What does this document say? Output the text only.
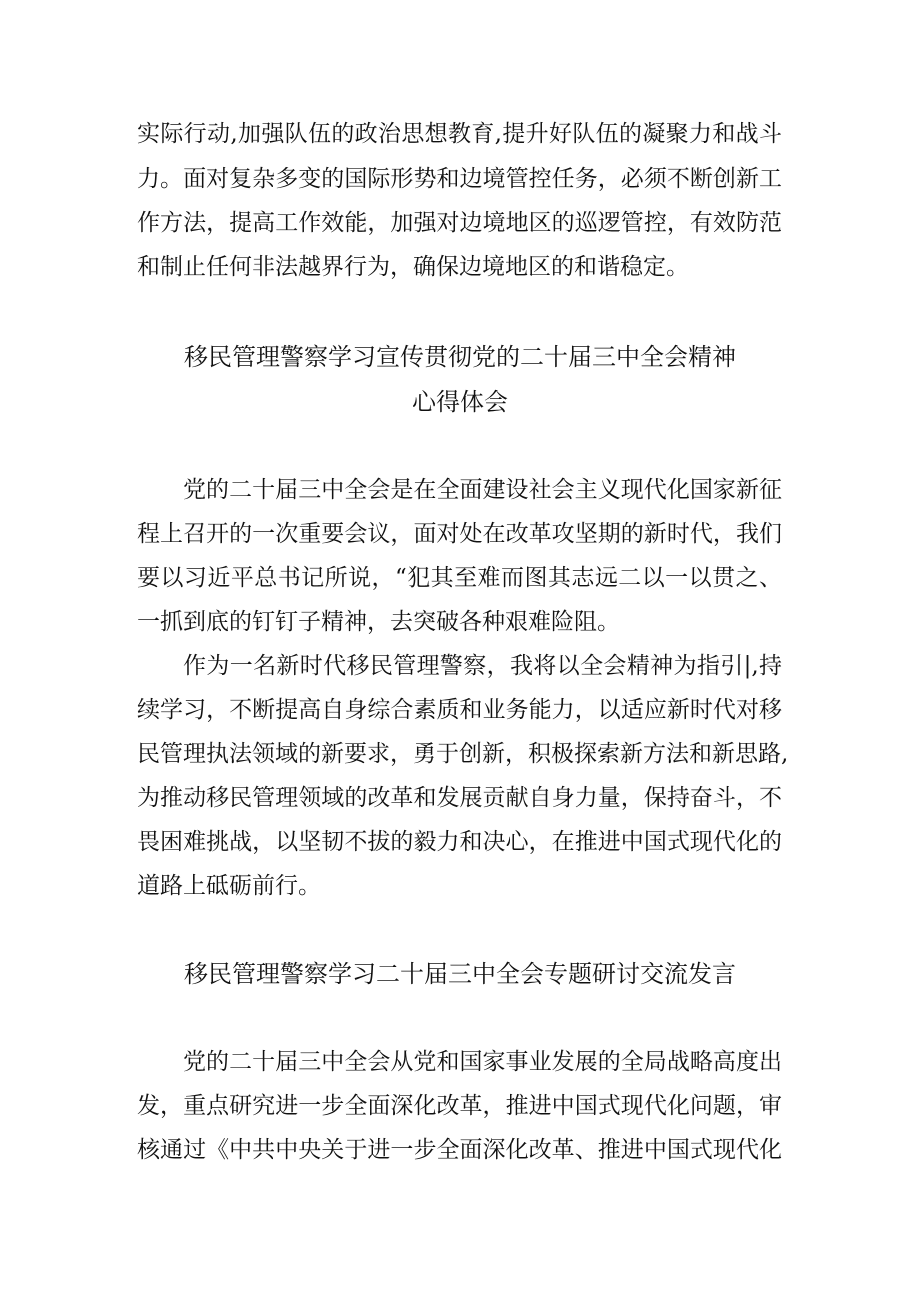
实际行动,加强队伍的政治思想教育,提升好队伍的凝聚力和战斗
力。面对复杂多变的国际形势和边境管控任务，必须不断创新工
作方法，提高工作效能，加强对边境地区的巡逻管控，有效防范
和制止任何非法越界行为，确保边境地区的和谐稳定。
移民管理警察学习宣传贯彻党的二十届三中全会精神
心得体会
党的二十届三中全会是在全面建设社会主义现代化国家新征
程上召开的一次重要会议，面对处在改革攻坚期的新时代，我们
要以习近平总书记所说，“犯其至难而图其志远二以一以贯之、
一抓到底的钉钉子精神，去突破各种艰难险阻。
作为一名新时代移民管理警察，我将以全会精神为指引|,持
续学习，不断提高自身综合素质和业务能力，以适应新时代对移
民管理执法领域的新要求，勇于创新，积极探索新方法和新思路,
为推动移民管理领域的改革和发展贡献自身力量，保持奋斗，不
畏困难挑战，以坚韧不拔的毅力和决心，在推进中国式现代化的
道路上砥砺前行。
移民管理警察学习二十届三中全会专题研讨交流发言
党的二十届三中全会从党和国家事业发展的全局战略高度出
发，重点研究进一步全面深化改革，推进中国式现代化问题，审
核通过《中共中央关于进一步全面深化改革、推进中国式现代化
